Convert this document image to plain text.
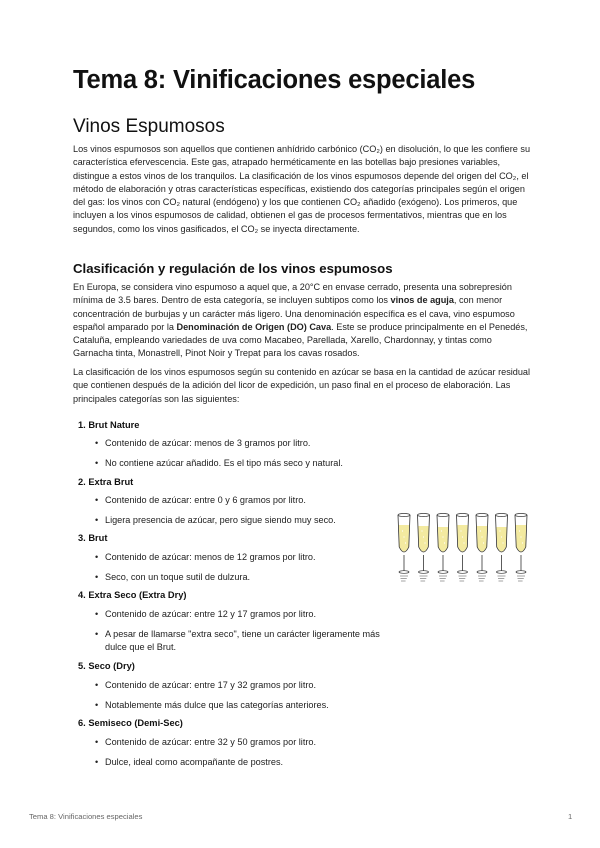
Tema 8: Vinificaciones especiales
Vinos Espumosos

Los vinos espumosos son aquellos que contienen anhídrido carbónico (CO₂) en disolución, lo que les confiere su característica efervescencia. Este gas, atrapado herméticamente en las botellas bajo presiones variables, distingue a estos vinos de los tranquilos. La clasificación de los vinos espumosos depende del origen del CO₂, el método de elaboración y otras características específicas, existiendo dos categorías principales según el origen del gas: los vinos con CO₂ natural (endógeno) y los que contienen CO₂ añadido (exógeno). Los primeros, que incluyen a los vinos espumosos de calidad, obtienen el gas de procesos fermentativos, mientras que en los segundos, como los vinos gasificados, el CO₂ se inyecta directamente.

Clasificación y regulación de los vinos espumosos

En Europa, se considera vino espumoso a aquel que, a 20°C en envase cerrado, presenta una sobrepresión mínima de 3.5 bares. Dentro de esta categoría, se incluyen subtipos como los vinos de aguja, con menor concentración de burbujas y un carácter más ligero. Una denominación específica es el cava, vino espumoso español amparado por la Denominación de Origen (DO) Cava. Este se produce principalmente en el Penedés, Cataluña, empleando variedades de uva como Macabeo, Parellada, Xarello, Chardonnay, y tintas como Garnacha tinta, Monastrell, Pinot Noir y Trepat para los cavas rosados.

La clasificación de los vinos espumosos según su contenido en azúcar se basa en la cantidad de azúcar residual que contienen después de la adición del licor de expedición, un paso final en el proceso de elaboración. Las principales categorías son las siguientes:

1. Brut Nature
• Contenido de azúcar: menos de 3 gramos por litro.
• No contiene azúcar añadido. Es el tipo más seco y natural.
2. Extra Brut
• Contenido de azúcar: entre 0 y 6 gramos por litro.
• Ligera presencia de azúcar, pero sigue siendo muy seco.
3. Brut
• Contenido de azúcar: menos de 12 gramos por litro.
• Seco, con un toque sutil de dulzura.
4. Extra Seco (Extra Dry)
• Contenido de azúcar: entre 12 y 17 gramos por litro.
• A pesar de llamarse "extra seco", tiene un carácter ligeramente más dulce que el Brut.
5. Seco (Dry)
• Contenido de azúcar: entre 17 y 32 gramos por litro.
• Notablemente más dulce que las categorías anteriores.
6. Semiseco (Demi-Sec)
• Contenido de azúcar: entre 32 y 50 gramos por litro.
• Dulce, ideal como acompañante de postres.
Tema 8: Vinificaciones especiales	1
